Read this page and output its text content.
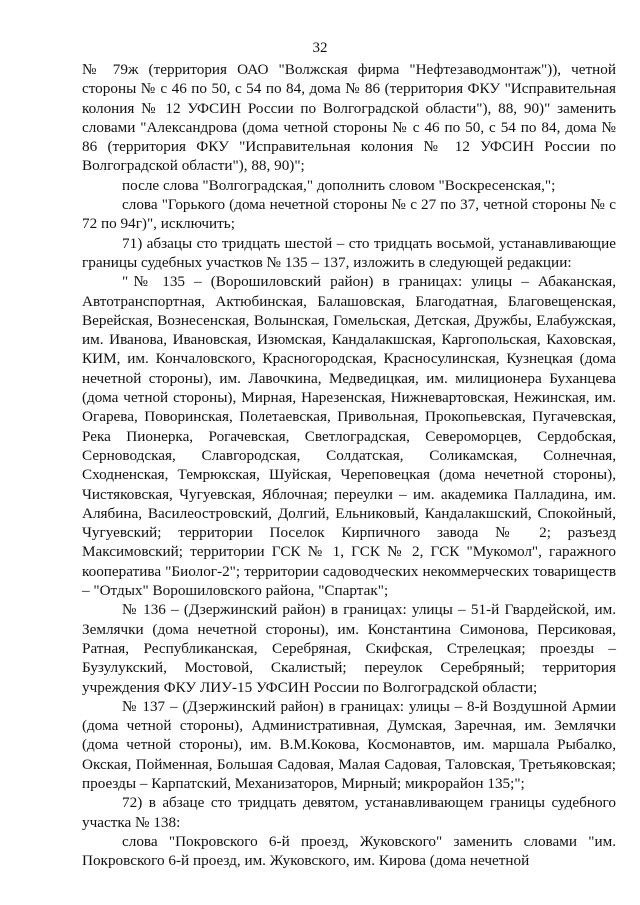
32

№ 79ж (территория ОАО "Волжская фирма "Нефтезаводмонтаж")), четной стороны № с 46 по 50, с 54 по 84, дома № 86 (территория ФКУ "Исправительная колония № 12 УФСИН России по Волгоградской области"), 88, 90)" заменить словами "Александрова (дома четной стороны № с 46 по 50, с 54 по 84, дома № 86 (территория ФКУ "Исправительная колония № 12 УФСИН России по Волгоградской области"), 88, 90)";

после слова "Волгоградская," дополнить словом "Воскресенская,";

слова "Горького (дома нечетной стороны № с 27 по 37, четной стороны № с 72 по 94г)", исключить;

71) абзацы сто тридцать шестой – сто тридцать восьмой, устанавливающие границы судебных участков № 135 – 137, изложить в следующей редакции:

"№ 135 – (Ворошиловский район) в границах: улицы – Абаканская, Автотранспортная, Актюбинская, Балашовская, Благодатная, Благовещенская, Верейская, Вознесенская, Волынская, Гомельская, Детская, Дружбы, Елабужская, им. Иванова, Ивановская, Изюмская, Кандалакшская, Каргопольская, Каховская, КИМ, им. Кончаловского, Красногородская, Красносулинская, Кузнецкая (дома нечетной стороны), им. Лавочкина, Медведицкая, им. милиционера Буханцева (дома четной стороны), Мирная, Нарезенская, Нижневартовская, Нежинская, им. Огарева, Поворинская, Полетаевская, Привольная, Прокопьевская, Пугачевская, Река Пионерка, Рогачевская, Светлоградская, Североморцев, Сердобская, Серноводская, Славгородская, Солдатская, Соликамская, Солнечная, Сходненская, Темрюкская, Шуйская, Череповецкая (дома нечетной стороны), Чистяковская, Чугуевская, Яблочная; переулки – им. академика Палладина, им. Алябина, Василеостровский, Долгий, Ельниковый, Кандалакшский, Спокойный, Чугуевский; территории Поселок Кирпичного завода № 2; разъезд Максимовский; территории ГСК № 1, ГСК № 2, ГСК "Мукомол", гаражного кооператива "Биолог-2"; территории садоводческих некоммерческих товариществ – "Отдых" Ворошиловского района, "Спартак";

№ 136 – (Дзержинский район) в границах: улицы – 51-й Гвардейской, им. Землячки (дома нечетной стороны), им. Константина Симонова, Персиковая, Ратная, Республиканская, Серебряная, Скифская, Стрелецкая; проезды – Бузулукский, Мостовой, Скалистый; переулок Серебряный; территория учреждения ФКУ ЛИУ-15 УФСИН России по Волгоградской области;

№ 137 – (Дзержинский район) в границах: улицы – 8-й Воздушной Армии (дома четной стороны), Административная, Думская, Заречная, им. Землячки (дома четной стороны), им. В.М.Кокова, Космонавтов, им. маршала Рыбалко, Окская, Пойменная, Большая Садовая, Малая Садовая, Таловская, Третьяковская; проезды – Карпатский, Механизаторов, Мирный; микрорайон 135;";

72) в абзаце сто тридцать девятом, устанавливающем границы судебного участка № 138:

слова "Покровского 6-й проезд, Жуковского" заменить словами "им. Покровского 6-й проезд, им. Жуковского, им. Кирова (дома нечетной
